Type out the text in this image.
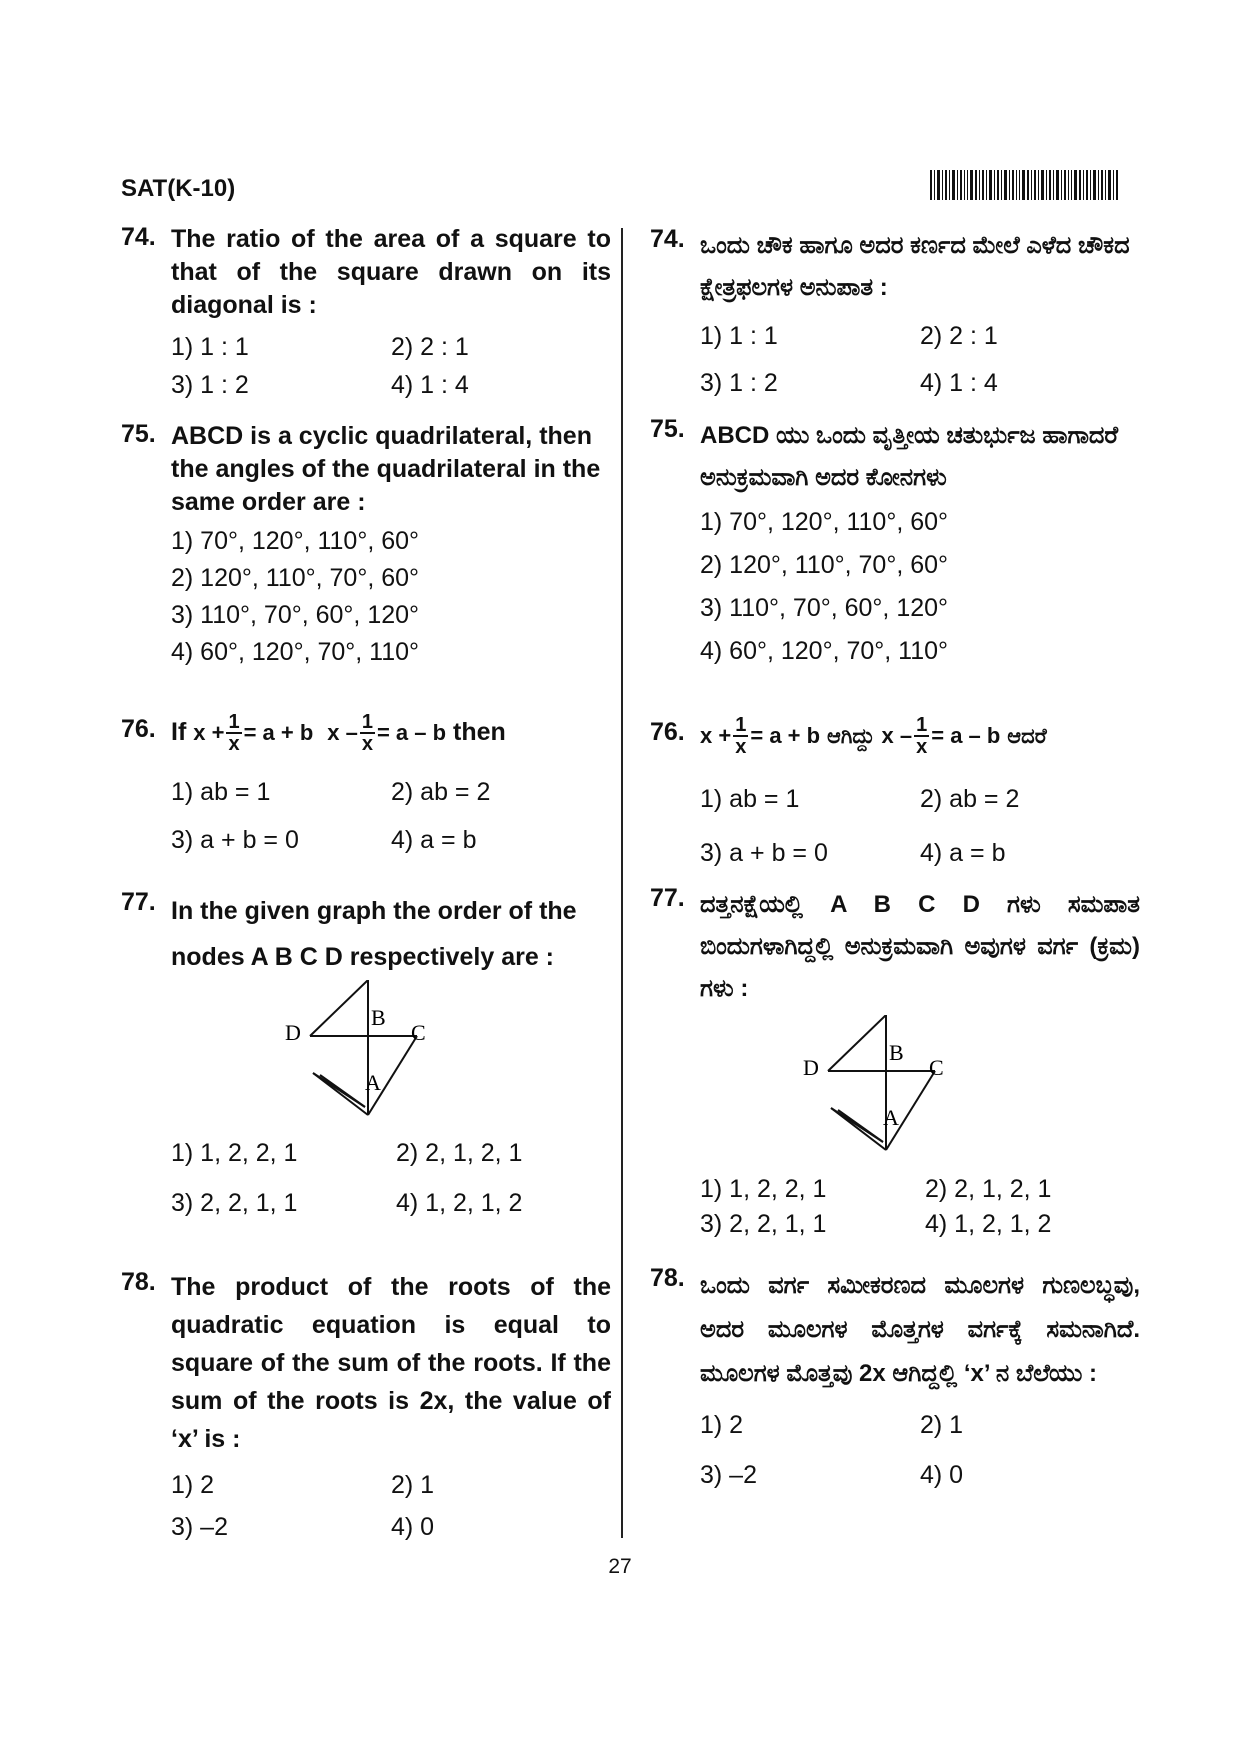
SAT(K-10)
74. The ratio of the area of a square to that of the square drawn on its diagonal is :
1) 1 : 1	2) 2 : 1
3) 1 : 2	4) 1 : 4
75. ABCD is a cyclic quadrilateral, then the angles of the quadrilateral in the same order are :
1) 70°, 120°, 110°, 60°
2) 120°, 110°, 70°, 60°
3) 110°, 70°, 60°, 120°
4) 60°, 120°, 70°, 110°
76. If $x + \frac{1}{x} = a + b$ $x - \frac{1}{x} = a - b$ then
1) ab = 1	2) ab = 2
3) a + b = 0	4) a = b
77. In the given graph the order of the
nodes A B C D respectively are :
D
B
C
A
1) 1, 2, 2, 1	2) 2, 1, 2, 1
3) 2, 2, 1, 1	4) 1, 2, 1, 2
78. The product of the roots of the quadratic equation is equal to square of the sum of the roots. If the sum of the roots is 2x, the value of ‘x’ is :
1) 2	2) 1
3) –2	4) 0
74. ಒಂದು ಚೌಕ ಹಾಗೂ ಅದರ ಕರ್ಣದ ಮೇಲೆ ಎಳೆದ ಚೌಕದ ಕ್ಷೇತ್ರಫಲಗಳ ಅನುಪಾತ :
1) 1 : 1	2) 2 : 1
3) 1 : 2	4) 1 : 4
75. ABCD ಯು ಒಂದು ವೃತ್ತೀಯ ಚತುರ್ಭುಜ ಹಾಗಾದರೆ ಅನುಕ್ರಮವಾಗಿ ಅದರ ಕೋನಗಳು
1) 70°, 120°, 110°, 60°
2) 120°, 110°, 70°, 60°
3) 110°, 70°, 60°, 120°
4) 60°, 120°, 70°, 110°
76. $x + \frac{1}{x} = a + b$ ಆಗಿದ್ದು $x - \frac{1}{x} = a - b$ ಆದರೆ
1) ab = 1	2) ab = 2
3) a + b = 0	4) a = b
77. ದತ್ತನಕ್ಷೆಯಲ್ಲಿ A B C D ಗಳು ಸಮಪಾತ ಬಿಂದುಗಳಾಗಿದ್ದಲ್ಲಿ ಅನುಕ್ರಮವಾಗಿ ಅವುಗಳ ವರ್ಗ (ಕ್ರಮ) ಗಳು :
D
B
C
A
1) 1, 2, 2, 1	2) 2, 1, 2, 1
3) 2, 2, 1, 1	4) 1, 2, 1, 2
78. ಒಂದು ವರ್ಗ ಸಮೀಕರಣದ ಮೂಲಗಳ ಗುಣಲಬ್ಧವು, ಅದರ ಮೂಲಗಳ ಮೊತ್ತಗಳ ವರ್ಗಕ್ಕೆ ಸಮನಾಗಿದೆ. ಮೂಲಗಳ ಮೊತ್ತವು 2x ಆಗಿದ್ದಲ್ಲಿ ‘x’ ನ ಬೆಲೆಯು :
1) 2	2) 1
3) –2	4) 0
27
